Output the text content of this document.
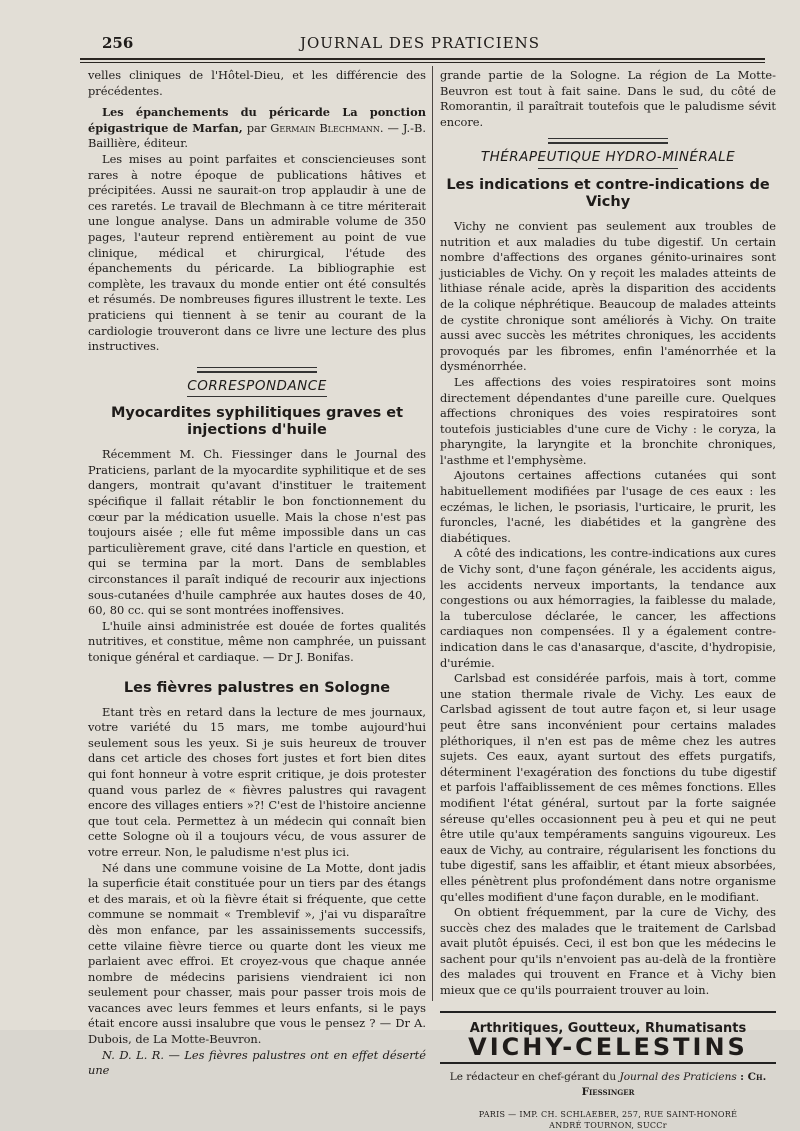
256	JOURNAL DES PRATICIENS

velles cliniques de l'Hôtel-Dieu, et les différencie des précédentes.

Les épanchements du péricarde La ponction épigastrique de Marfan, par Germain Blechmann. — J.-B. Baillière, éditeur.

Les mises au point parfaites et consciencieuses sont rares à notre époque de publications hâtives et précipitées. Aussi ne saurait-on trop applaudir à une de ces raretés. Le travail de Blechmann à ce titre mériterait une longue analyse. Dans un admirable volume de 350 pages, l'auteur reprend entièrement au point de vue clinique, médical et chirurgical, l'étude des épanchements du péricarde. La bibliographie est complète, les travaux du monde entier ont été consultés et résumés. De nombreuses figures illustrent le texte. Les praticiens qui tiennent à se tenir au courant de la cardiologie trouveront dans ce livre une lecture des plus instructives.

CORRESPONDANCE
Myocardites syphilitiques graves et injections d'huile

Récemment M. Ch. Fiessinger dans le Journal des Praticiens, parlant de la myocardite syphilitique et de ses dangers, montrait qu'avant d'instituer le traitement spécifique il fallait rétablir le bon fonctionnement du cœur par la médication usuelle. Mais la chose n'est pas toujours aisée ; elle fut même impossible dans un cas particulièrement grave, cité dans l'article en question, et qui se termina par la mort. Dans de semblables circonstances il paraît indiqué de recourir aux injections sous-cutanées d'huile camphrée aux hautes doses de 40, 60, 80 cc. qui se sont montrées inoffensives.

L'huile ainsi administrée est douée de fortes qualités nutritives, et constitue, même non camphrée, un puissant tonique général et cardiaque. — Dr J. Bonifas.

Les fièvres palustres en Sologne

Etant très en retard dans la lecture de mes journaux, votre variété du 15 mars, me tombe aujourd'hui seulement sous les yeux. Si je suis heureux de trouver dans cet article des choses fort justes et fort bien dites qui font honneur à votre esprit critique, je dois protester quand vous parlez de « fièvres palustres qui ravagent encore des villages entiers »?! C'est de l'histoire ancienne que tout cela. Permettez à un médecin qui connaît bien cette Sologne où il a toujours vécu, de vous assurer de votre erreur. Non, le paludisme n'est plus ici.

Né dans une commune voisine de La Motte, dont jadis la superficie était constituée pour un tiers par des étangs et des marais, et où la fièvre était si fréquente, que cette commune se nommait « Tremblevif », j'ai vu disparaître dès mon enfance, par les assainissements successifs, cette vilaine fièvre tierce ou quarte dont les vieux me parlaient avec effroi. Et croyez-vous que chaque année nombre de médecins parisiens viendraient ici non seulement pour chasser, mais pour passer trois mois de vacances avec leurs femmes et leurs enfants, si le pays était encore aussi insalubre que vous le pensez ? — Dr A. Dubois, de La Motte-Beuvron.

N. D. L. R. — Les fièvres palustres ont en effet déserté une

grande partie de la Sologne. La région de La Motte-Beuvron est tout à fait saine. Dans le sud, du côté de Romorantin, il paraîtrait toutefois que le paludisme sévit encore.

THÉRAPEUTIQUE HYDRO-MINÉRALE
Les indications et contre-indications de Vichy

Vichy ne convient pas seulement aux troubles de nutrition et aux maladies du tube digestif. Un certain nombre d'affections des organes génito-urinaires sont justiciables de Vichy. On y reçoit les malades atteints de lithiase rénale acide, après la disparition des accidents de la colique néphrétique. Beaucoup de malades atteints de cystite chronique sont améliorés à Vichy. On traite aussi avec succès les métrites chroniques, les accidents provoqués par les fibromes, enfin l'aménorrhée et la dysménorrhée.

Les affections des voies respiratoires sont moins directement dépendantes d'une pareille cure. Quelques affections chroniques des voies respiratoires sont toutefois justiciables d'une cure de Vichy : le coryza, la pharyngite, la laryngite et la bronchite chroniques, l'asthme et l'emphysème.

Ajoutons certaines affections cutanées qui sont habituellement modifiées par l'usage de ces eaux : les eczémas, le lichen, le psoriasis, l'urticaire, le prurit, les furoncles, l'acné, les diabétides et la gangrène des diabétiques.

A côté des indications, les contre-indications aux cures de Vichy sont, d'une façon générale, les accidents aigus, les accidents nerveux importants, la tendance aux congestions ou aux hémorragies, la faiblesse du malade, la tuberculose déclarée, le cancer, les affections cardiaques non compensées. Il y a également contre-indication dans le cas d'anasarque, d'ascite, d'hydropisie, d'urémie.

Carlsbad est considérée parfois, mais à tort, comme une station thermale rivale de Vichy. Les eaux de Carlsbad agissent de tout autre façon et, si leur usage peut être sans inconvénient pour certains malades pléthoriques, il n'en est pas de même chez les autres sujets. Ces eaux, ayant surtout des effets purgatifs, déterminent l'exagération des fonctions du tube digestif et parfois l'affaiblissement de ces mêmes fonctions. Elles modifient l'état général, surtout par la forte saignée séreuse qu'elles occasionnent peu à peu et qui ne peut être utile qu'aux tempéraments sanguins vigoureux. Les eaux de Vichy, au contraire, régularisent les fonctions du tube digestif, sans les affaiblir, et étant mieux absorbées, elles pénètrent plus profondément dans notre organisme qu'elles modifient d'une façon durable, en le modifiant.

On obtient fréquemment, par la cure de Vichy, des succès chez des malades que le traitement de Carlsbad avait plutôt épuisés. Ceci, il est bon que les médecins le sachent pour qu'ils n'envoient pas au-delà de la frontière des malades qui trouvent en France et à Vichy bien mieux que ce qu'ils pourraient trouver au loin.

Arthritiques, Goutteux, Rhumatisants
VICHY-CELESTINS
Le rédacteur en chef-gérant du Journal des Praticiens : Ch. Fiessinger
PARIS — IMP. CH. SCHLAEBER, 257, RUE SAINT-HONORÉ
ANDRÉ TOURNON, SUCCr
